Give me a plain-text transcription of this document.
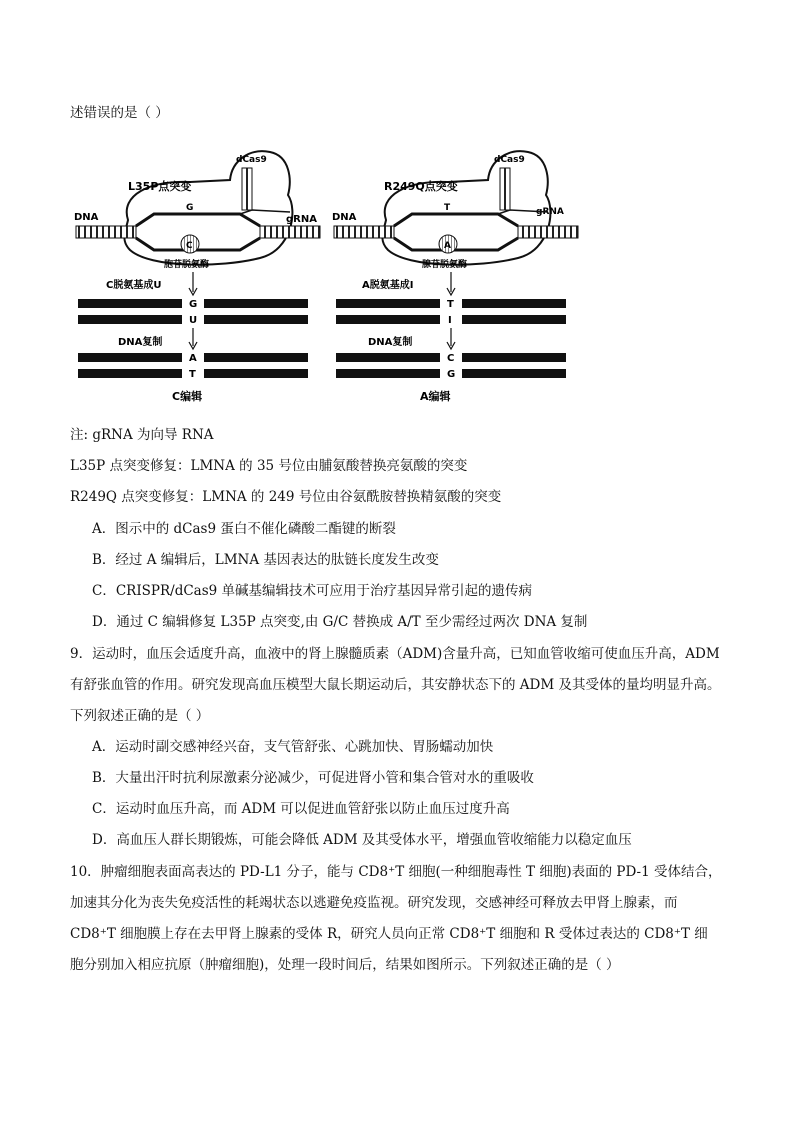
述错误的是（ ）
dCas9
L35P点突变
DNA	gRNA
G
C
胞苷脱氨酶
C脱氨基成U
G
U
DNA复制
A
T
C编辑
dCas9
R249Q点突变
DNA	gRNA
T
A
腺苷脱氨酶
A脱氨基成I
T
I
DNA复制
C
G
A编辑
注: gRNA 为向导 RNA
L35P 点突变修复：LMNA 的 35 号位由脯氨酸替换亮氨酸的突变
R249Q 点突变修复：LMNA 的 249 号位由谷氨酰胺替换精氨酸的突变
A．图示中的 dCas9 蛋白不催化磷酸二酯键的断裂
B．经过 A 编辑后，LMNA 基因表达的肽链长度发生改变
C．CRISPR/dCas9 单碱基编辑技术可应用于治疗基因异常引起的遗传病
D．通过 C 编辑修复 L35P 点突变,由 G/C 替换成 A/T 至少需经过两次 DNA 复制
9．运动时，血压会适度升高，血液中的肾上腺髓质素（ADM)含量升高，已知血管收缩可使血压升高，ADM
有舒张血管的作用。研究发现高血压模型大鼠长期运动后，其安静状态下的 ADM 及其受体的量均明显升高。
下列叙述正确的是（ ）
A．运动时副交感神经兴奋，支气管舒张、心跳加快、胃肠蠕动加快
B．大量出汗时抗利尿激素分泌减少，可促进肾小管和集合管对水的重吸收
C．运动时血压升高，而 ADM 可以促进血管舒张以防止血压过度升高
D．高血压人群长期锻炼，可能会降低 ADM 及其受体水平，增强血管收缩能力以稳定血压
10．肿瘤细胞表面高表达的 PD-L1 分子，能与 CD8⁺T 细胞(一种细胞毒性 T 细胞)表面的 PD-1 受体结合，
加速其分化为丧失免疫活性的耗竭状态以逃避免疫监视。研究发现，交感神经可释放去甲肾上腺素，而
CD8⁺T 细胞膜上存在去甲肾上腺素的受体 R，研究人员向正常 CD8⁺T 细胞和 R 受体过表达的 CD8⁺T 细
胞分别加入相应抗原（肿瘤细胞)，处理一段时间后，结果如图所示。下列叙述正确的是（ ）
